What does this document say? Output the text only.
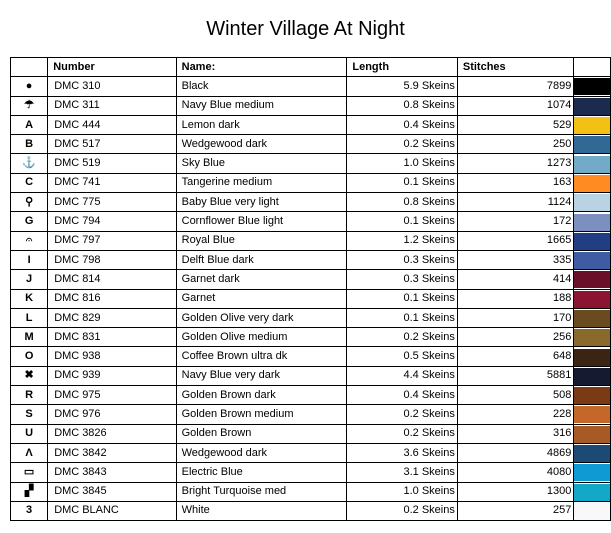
Winter Village At Night
	Number	Name:	Length	Stitches	
●	DMC 310	Black	5.9 Skeins	7899	

☂	DMC 311	Navy Blue medium	0.8 Skeins	1074	

A	DMC 444	Lemon dark	0.4 Skeins	529	

B	DMC 517	Wedgewood dark	0.2 Skeins	250	

⚓	DMC 519	Sky Blue	1.0 Skeins	1273	

C	DMC 741	Tangerine medium	0.1 Skeins	163	

⚲	DMC 775	Baby Blue very light	0.8 Skeins	1124	

G	DMC 794	Cornflower Blue light	0.1 Skeins	172	

𝄐	DMC 797	Royal Blue	1.2 Skeins	1665	

I	DMC 798	Delft Blue dark	0.3 Skeins	335	

J	DMC 814	Garnet dark	0.3 Skeins	414	

K	DMC 816	Garnet	0.1 Skeins	188	

L	DMC 829	Golden Olive very dark	0.1 Skeins	170	

M	DMC 831	Golden Olive medium	0.2 Skeins	256	

O	DMC 938	Coffee Brown ultra dk	0.5 Skeins	648	

✖	DMC 939	Navy Blue very dark	4.4 Skeins	5881	

R	DMC 975	Golden Brown dark	0.4 Skeins	508	

S	DMC 976	Golden Brown medium	0.2 Skeins	228	

U	DMC 3826	Golden Brown	0.2 Skeins	316	

Λ	DMC 3842	Wedgewood dark	3.6 Skeins	4869	

▭	DMC 3843	Electric Blue	3.1 Skeins	4080	

▞	DMC 3845	Bright Turquoise med	1.0 Skeins	1300	

3	DMC BLANC	White	0.2 Skeins	257	
